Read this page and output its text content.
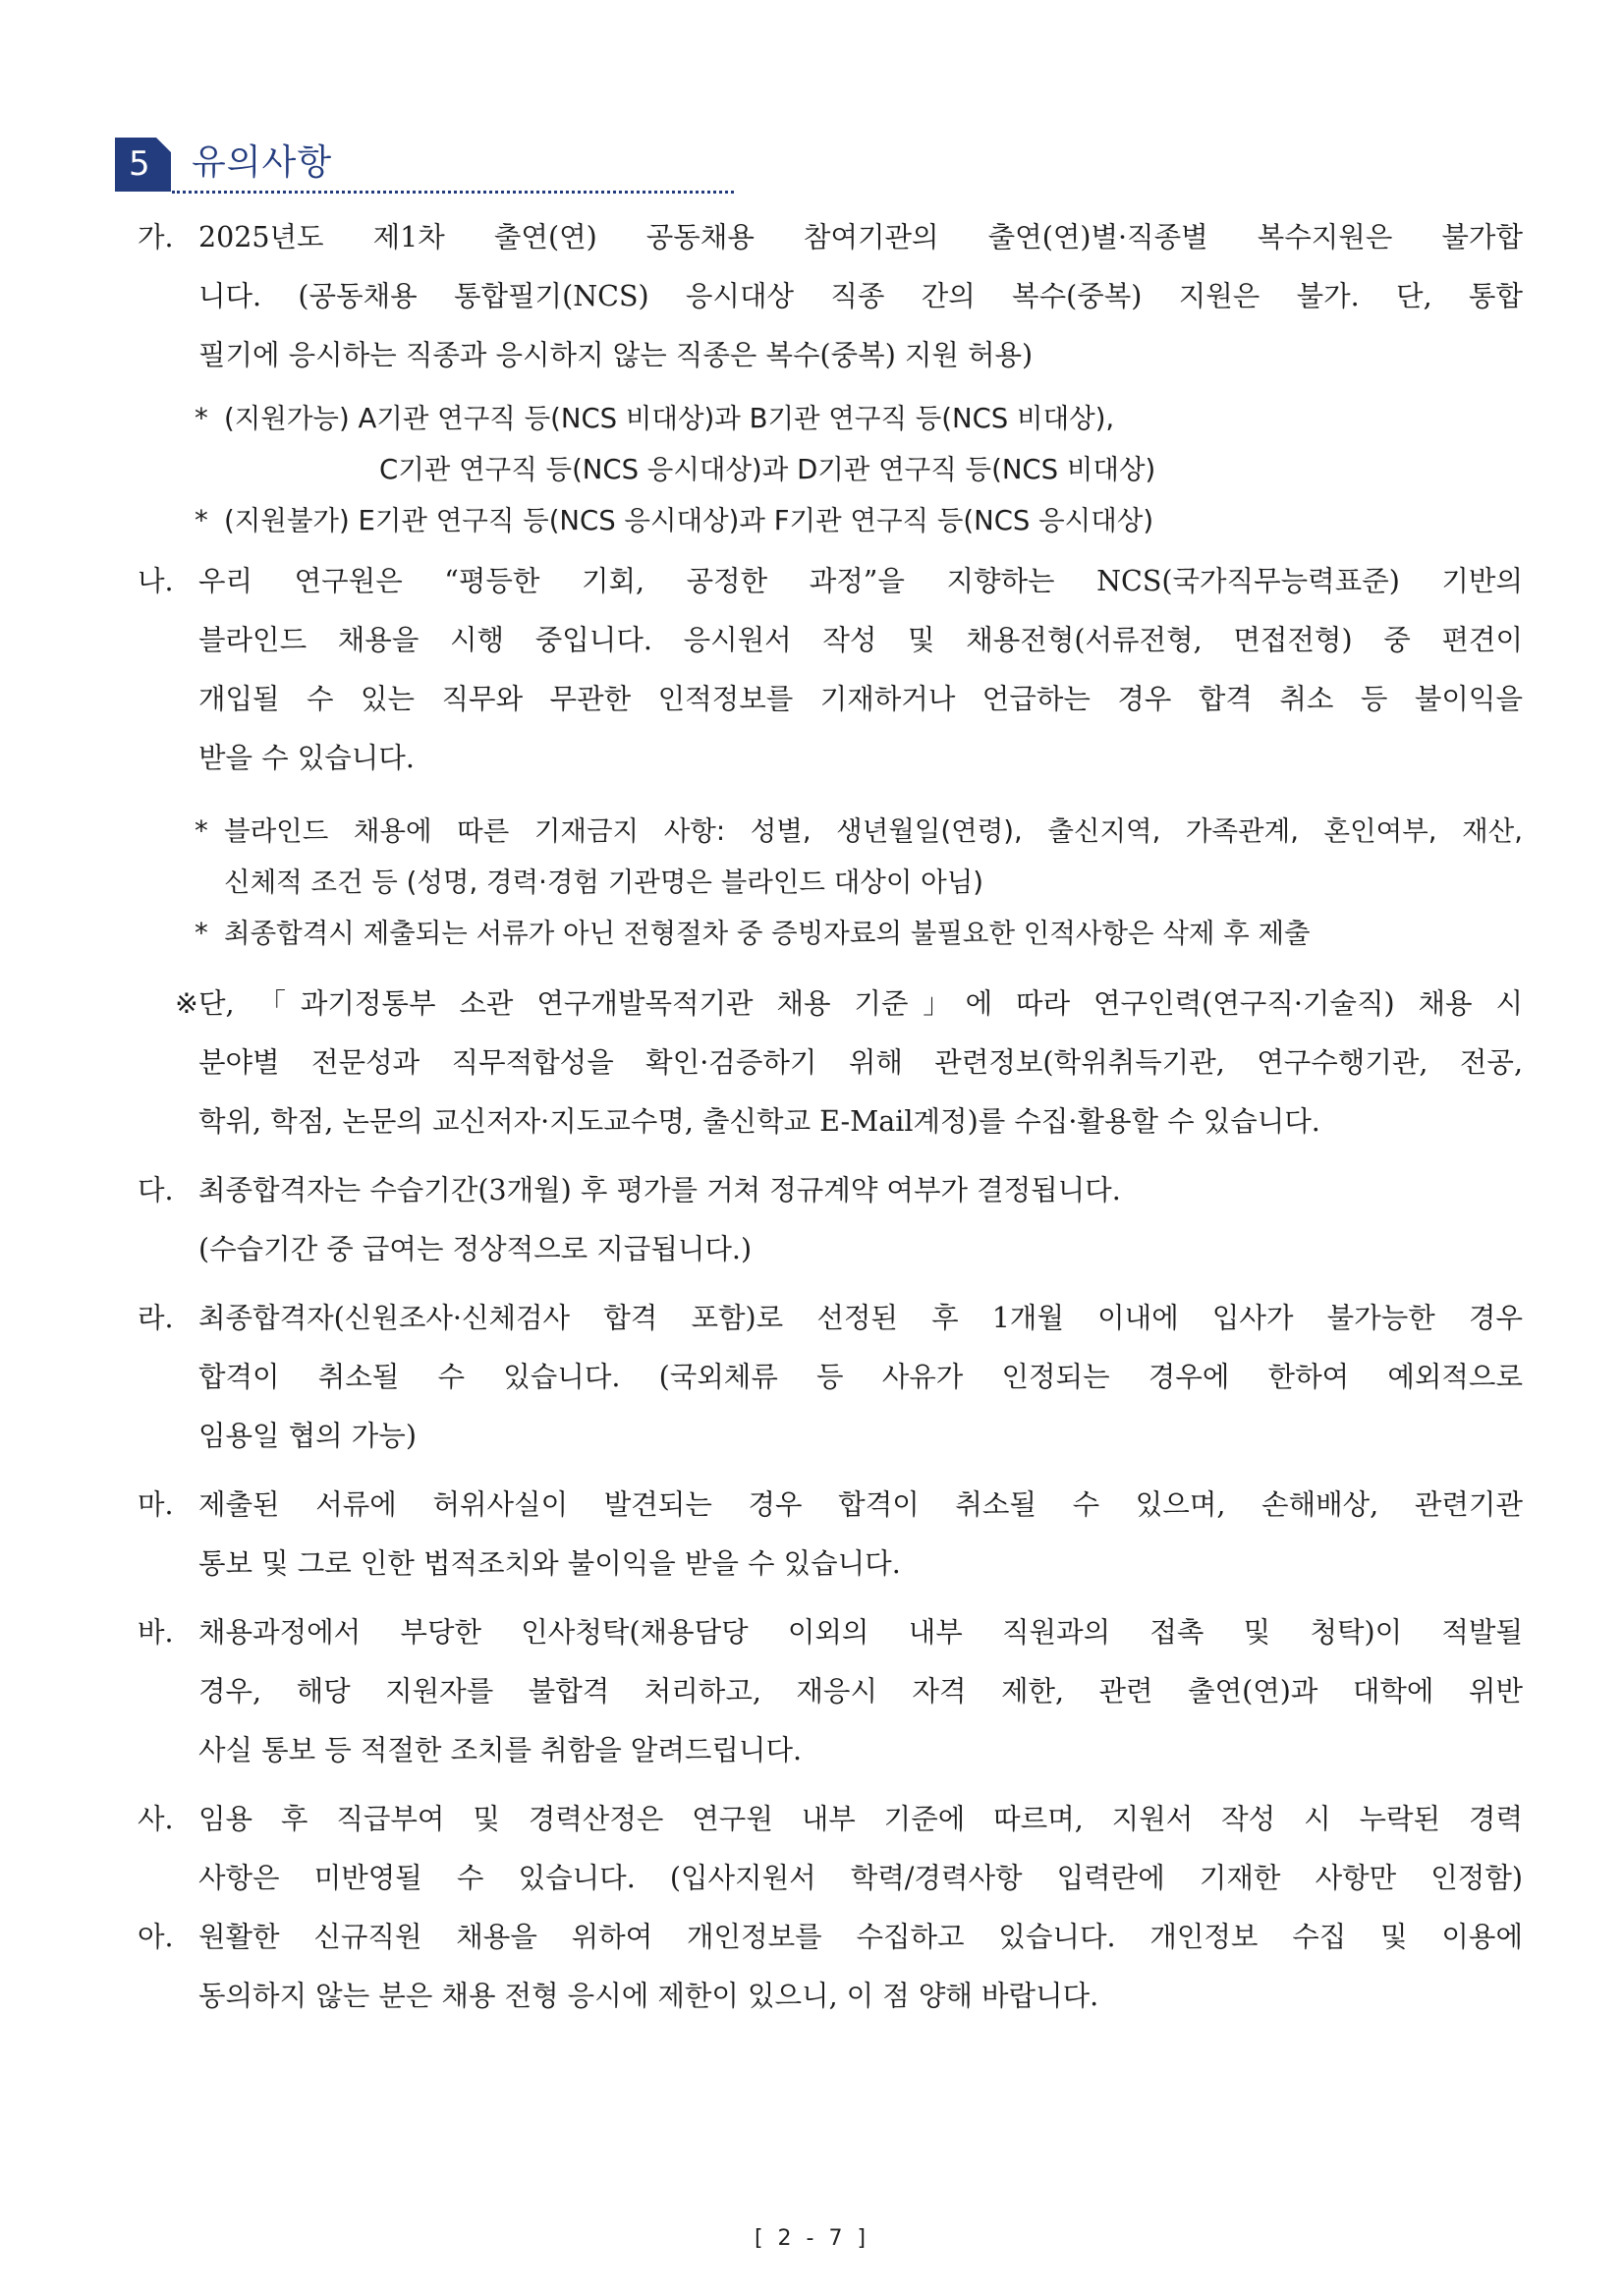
5	유의사항
가. 2025년도 제1차 출연(연) 공동채용 참여기관의 출연(연)별·직종별 복수지원은 불가합
니다. (공동채용 통합필기(NCS) 응시대상 직종 간의 복수(중복) 지원은 불가. 단, 통합
필기에 응시하는 직종과 응시하지 않는 직종은 복수(중복) 지원 허용)
* (지원가능) A기관 연구직 등(NCS 비대상)과 B기관 연구직 등(NCS 비대상),
C기관 연구직 등(NCS 응시대상)과 D기관 연구직 등(NCS 비대상)
* (지원불가) E기관 연구직 등(NCS 응시대상)과 F기관 연구직 등(NCS 응시대상)
나. 우리 연구원은 “평등한 기회, 공정한 과정”을 지향하는 NCS(국가직무능력표준) 기반의
블라인드 채용을 시행 중입니다. 응시원서 작성 및 채용전형(서류전형, 면접전형) 중 편견이
개입될 수 있는 직무와 무관한 인적정보를 기재하거나 언급하는 경우 합격 취소 등 불이익을
받을 수 있습니다.
* 블라인드 채용에 따른 기재금지 사항: 성별, 생년월일(연령), 출신지역, 가족관계, 혼인여부, 재산,
신체적 조건 등 (성명, 경력·경험 기관명은 블라인드 대상이 아님)
* 최종합격시 제출되는 서류가 아닌 전형절차 중 증빙자료의 불필요한 인적사항은 삭제 후 제출
※ 단, 「과기정통부 소관 연구개발목적기관 채용 기준」에 따라 연구인력(연구직·기술직) 채용 시
분야별 전문성과 직무적합성을 확인·검증하기 위해 관련정보(학위취득기관, 연구수행기관, 전공,
학위, 학점, 논문의 교신저자·지도교수명, 출신학교 E-Mail계정)를 수집·활용할 수 있습니다.
다. 최종합격자는 수습기간(3개월) 후 평가를 거쳐 정규계약 여부가 결정됩니다.
(수습기간 중 급여는 정상적으로 지급됩니다.)
라. 최종합격자(신원조사·신체검사 합격 포함)로 선정된 후 1개월 이내에 입사가 불가능한 경우
합격이 취소될 수 있습니다. (국외체류 등 사유가 인정되는 경우에 한하여 예외적으로
임용일 협의 가능)
마. 제출된 서류에 허위사실이 발견되는 경우 합격이 취소될 수 있으며, 손해배상, 관련기관
통보 및 그로 인한 법적조치와 불이익을 받을 수 있습니다.
바. 채용과정에서 부당한 인사청탁(채용담당 이외의 내부 직원과의 접촉 및 청탁)이 적발될
경우, 해당 지원자를 불합격 처리하고, 재응시 자격 제한, 관련 출연(연)과 대학에 위반
사실 통보 등 적절한 조치를 취함을 알려드립니다.
사. 임용 후 직급부여 및 경력산정은 연구원 내부 기준에 따르며, 지원서 작성 시 누락된 경력
사항은 미반영될 수 있습니다. (입사지원서 학력/경력사항 입력란에 기재한 사항만 인정함)
아. 원활한 신규직원 채용을 위하여 개인정보를 수집하고 있습니다. 개인정보 수집 및 이용에
동의하지 않는 분은 채용 전형 응시에 제한이 있으니, 이 점 양해 바랍니다.
[ 2 - 7 ]
